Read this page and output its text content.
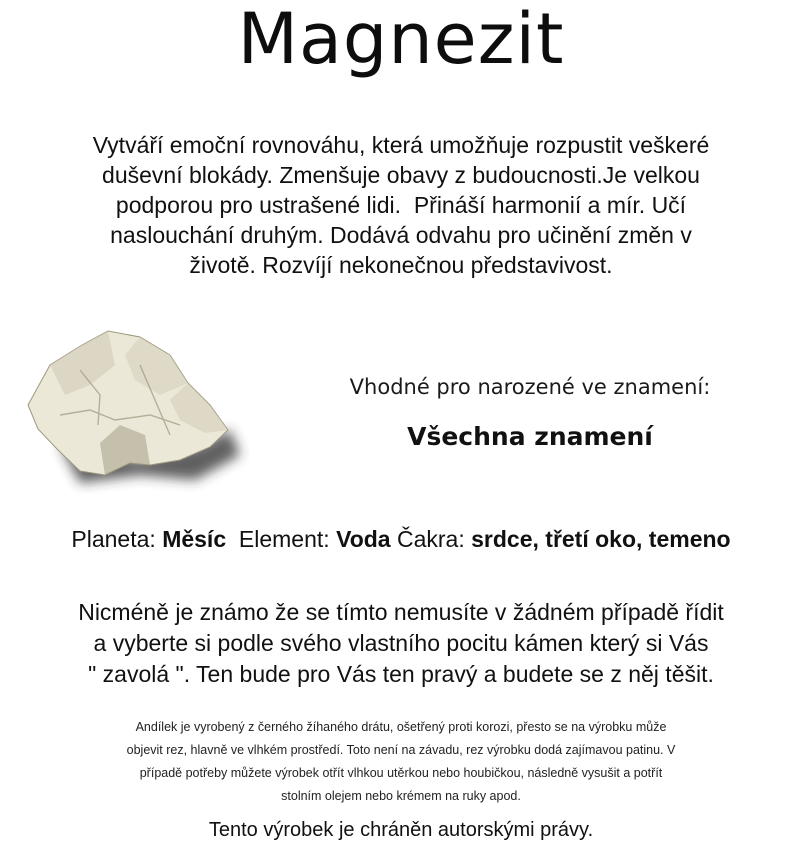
Magnezit
Vytváří emoční rovnováhu, která umožňuje rozpustit veškeré
duševní blokády. Zmenšuje obavy z budoucnosti.Je velkou
podporou pro ustrašené lidi.  Přináší harmonií a mír. Učí
naslouchání druhým. Dodává odvahu pro učinění změn v
životě. Rozvíjí nekonečnou představivost.
Vhodné pro narozené ve znamení:
Všechna znamení
Planeta: Měsíc  Element: Voda Čakra: srdce, třetí oko, temeno
Nicméně je známo že se tímto nemusíte v žádném případě řídit
a vyberte si podle svého vlastního pocitu kámen který si Vás
" zavolá ". Ten bude pro Vás ten pravý a budete se z něj těšit.
Andílek je vyrobený z černého žíhaného drátu, ošetřený proti korozi, přesto se na výrobku může
objevit rez, hlavně ve vlhkém prostředí. Toto není na závadu, rez výrobku dodá zajímavou patinu. V
případě potřeby můžete výrobek otřít vlhkou utěrkou nebo houbičkou, následně vysušit a potřít
stolním olejem nebo krémem na ruky apod.
Tento výrobek je chráněn autorskými právy.
